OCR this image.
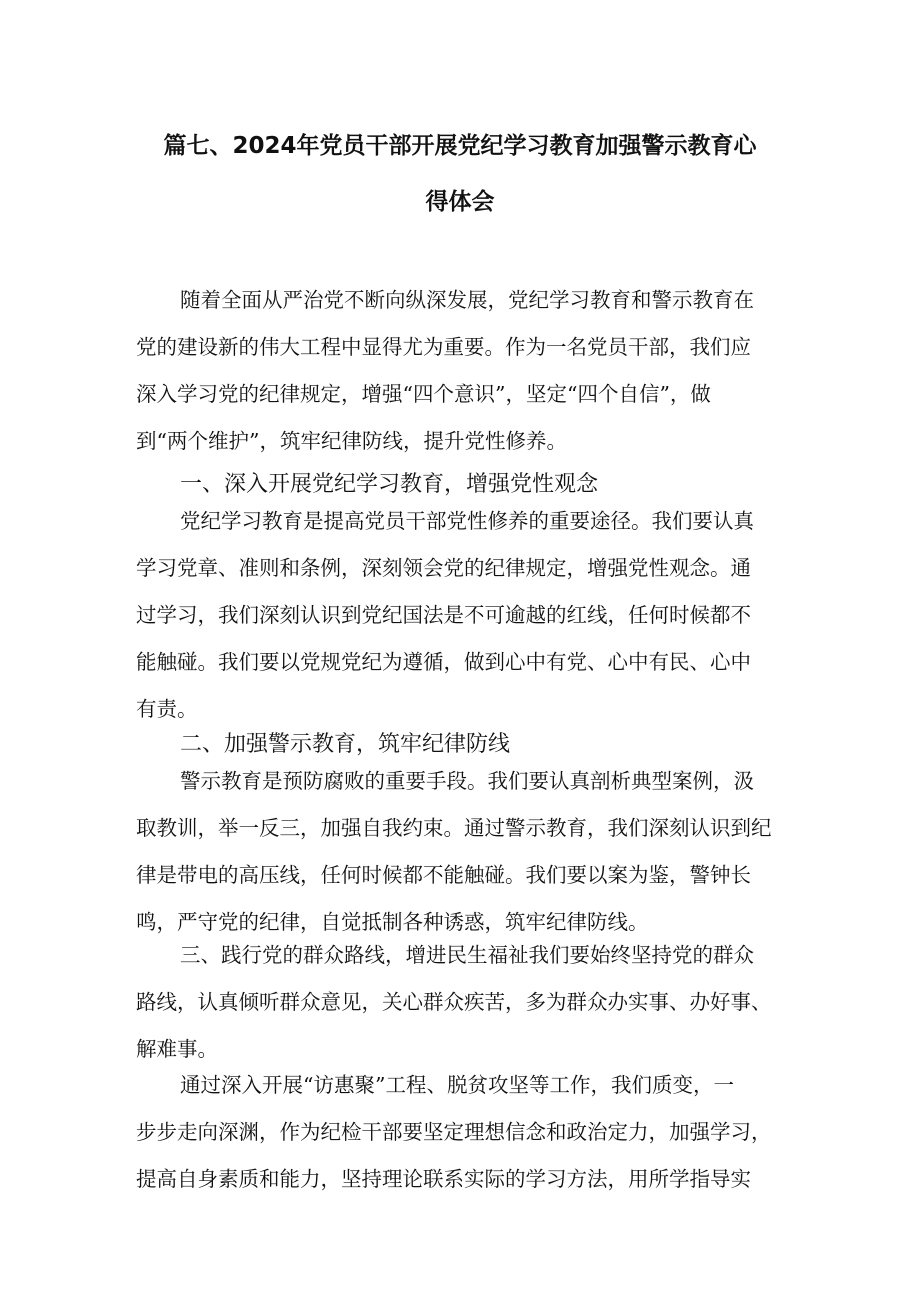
篇七、2024年党员干部开展党纪学习教育加强警示教育心
得体会
随着全面从严治党不断向纵深发展，党纪学习教育和警示教育在
党的建设新的伟大工程中显得尤为重要。作为一名党员干部，我们应
深入学习党的纪律规定，增强“四个意识”，坚定“四个自信”，做
到“两个维护”，筑牢纪律防线，提升党性修养。
一、深入开展党纪学习教育，增强党性观念
党纪学习教育是提高党员干部党性修养的重要途径。我们要认真
学习党章、准则和条例，深刻领会党的纪律规定，增强党性观念。通
过学习，我们深刻认识到党纪国法是不可逾越的红线，任何时候都不
能触碰。我们要以党规党纪为遵循，做到心中有党、心中有民、心中
有责。
二、加强警示教育，筑牢纪律防线
警示教育是预防腐败的重要手段。我们要认真剖析典型案例，汲
取教训，举一反三，加强自我约束。通过警示教育，我们深刻认识到纪
律是带电的高压线，任何时候都不能触碰。我们要以案为鉴，警钟长
鸣，严守党的纪律，自觉抵制各种诱惑，筑牢纪律防线。
三、践行党的群众路线，增进民生福祉我们要始终坚持党的群众
路线，认真倾听群众意见，关心群众疾苦，多为群众办实事、办好事、
解难事。
通过深入开展“访惠聚”工程、脱贫攻坚等工作，我们质变，一
步步走向深渊，作为纪检干部要坚定理想信念和政治定力，加强学习，
提高自身素质和能力，坚持理论联系实际的学习方法，用所学指导实
